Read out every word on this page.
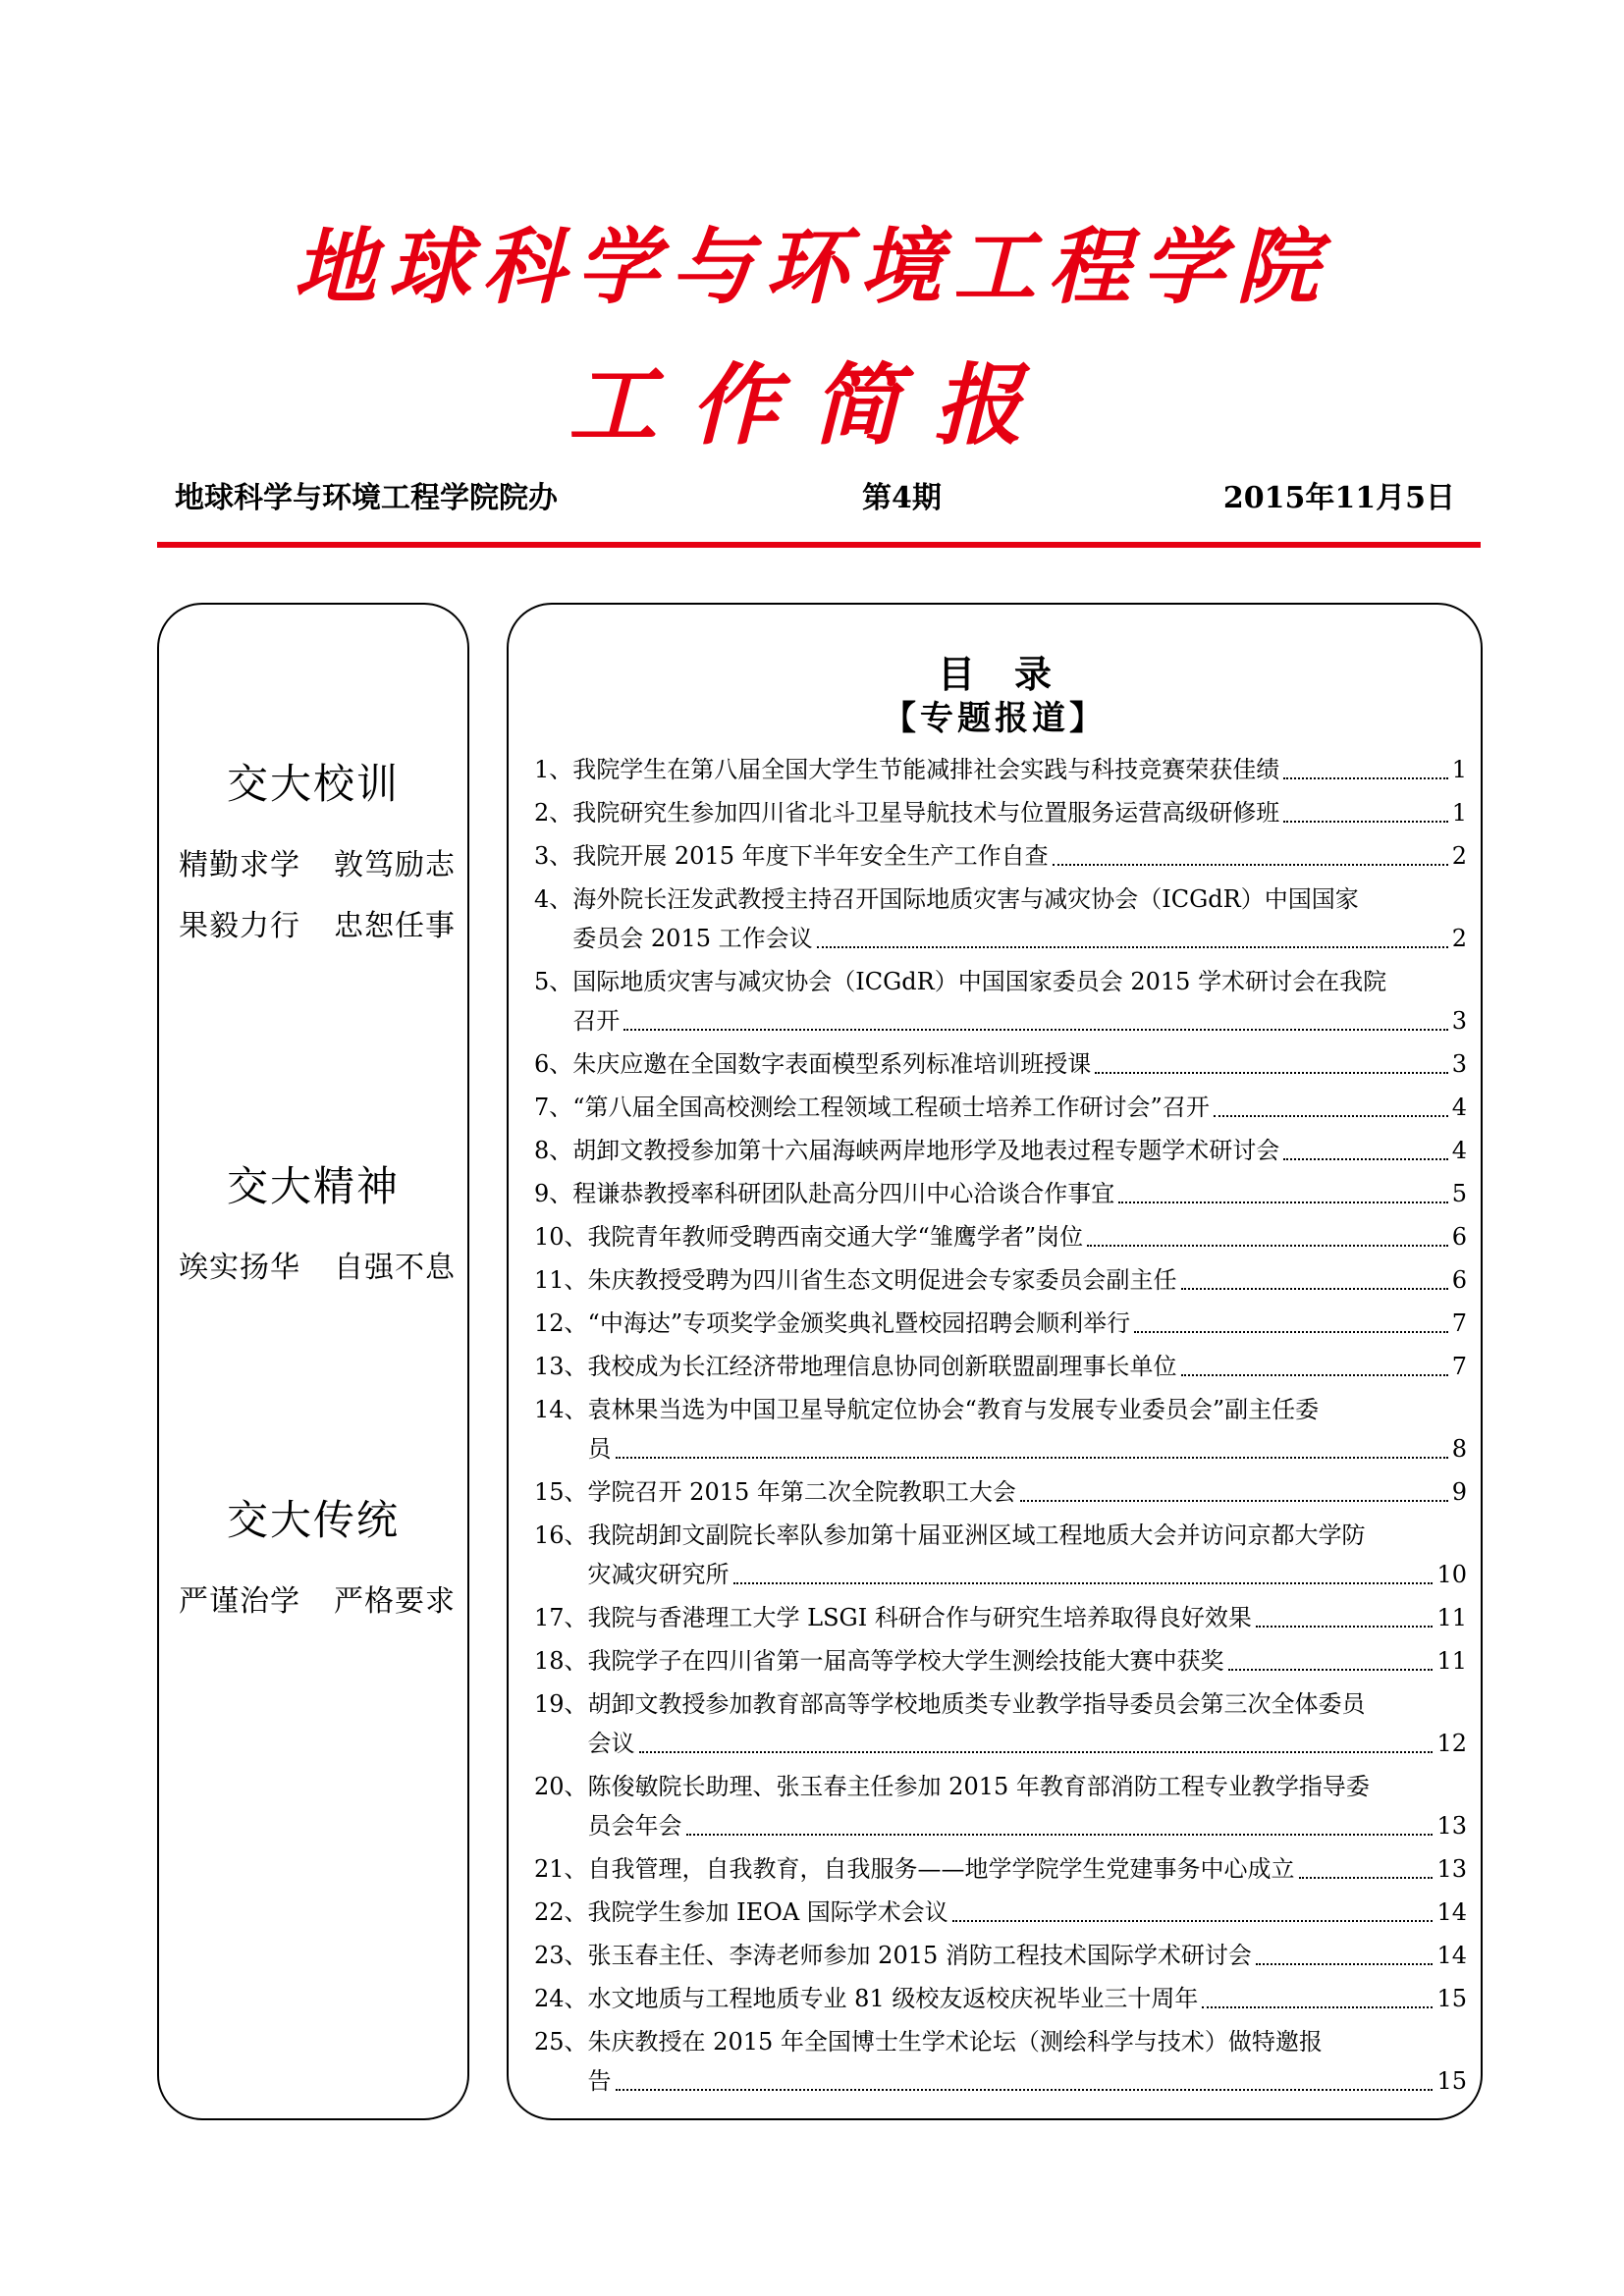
地球科学与环境工程学院
工作简报
地球科学与环境工程学院院办	第4期	2015年11月5日
交大校训
精勤求学 敦笃励志
果毅力行 忠恕任事
交大精神
竢实扬华 自强不息
交大传统
严谨治学 严格要求
目录
【专题报道】
1、 我院学生在第八届全国大学生节能减排社会实践与科技竞赛荣获佳绩	1
2、 我院研究生参加四川省北斗卫星导航技术与位置服务运营高级研修班	1
3、 我院开展 2015 年度下半年安全生产工作自查	2
4、 海外院长汪发武教授主持召开国际地质灾害与减灾协会（ICGdR）中国国家
委员会 2015 工作会议	2
5、 国际地质灾害与减灾协会（ICGdR）中国国家委员会 2015 学术研讨会在我院
召开	3
6、 朱庆应邀在全国数字表面模型系列标准培训班授课	3
7、 “第八届全国高校测绘工程领域工程硕士培养工作研讨会”召开	4
8、 胡卸文教授参加第十六届海峡两岸地形学及地表过程专题学术研讨会	4
9、 程谦恭教授率科研团队赴高分四川中心洽谈合作事宜	5
10、 我院青年教师受聘西南交通大学“雏鹰学者”岗位	6
11、 朱庆教授受聘为四川省生态文明促进会专家委员会副主任	6
12、 “中海达”专项奖学金颁奖典礼暨校园招聘会顺利举行	7
13、 我校成为长江经济带地理信息协同创新联盟副理事长单位	7
14、 袁林果当选为中国卫星导航定位协会“教育与发展专业委员会”副主任委
员	8
15、 学院召开 2015 年第二次全院教职工大会	9
16、 我院胡卸文副院长率队参加第十届亚洲区域工程地质大会并访问京都大学防
灾减灾研究所	10
17、 我院与香港理工大学 LSGI 科研合作与研究生培养取得良好效果	11
18、 我院学子在四川省第一届高等学校大学生测绘技能大赛中获奖	11
19、 胡卸文教授参加教育部高等学校地质类专业教学指导委员会第三次全体委员
会议	12
20、 陈俊敏院长助理、张玉春主任参加 2015 年教育部消防工程专业教学指导委
员会年会	13
21、 自我管理，自我教育，自我服务——地学学院学生党建事务中心成立	13
22、 我院学生参加 IEOA 国际学术会议	14
23、 张玉春主任、李涛老师参加 2015 消防工程技术国际学术研讨会	14
24、 水文地质与工程地质专业 81 级校友返校庆祝毕业三十周年	15
25、 朱庆教授在 2015 年全国博士生学术论坛（测绘科学与技术）做特邀报
告	15
